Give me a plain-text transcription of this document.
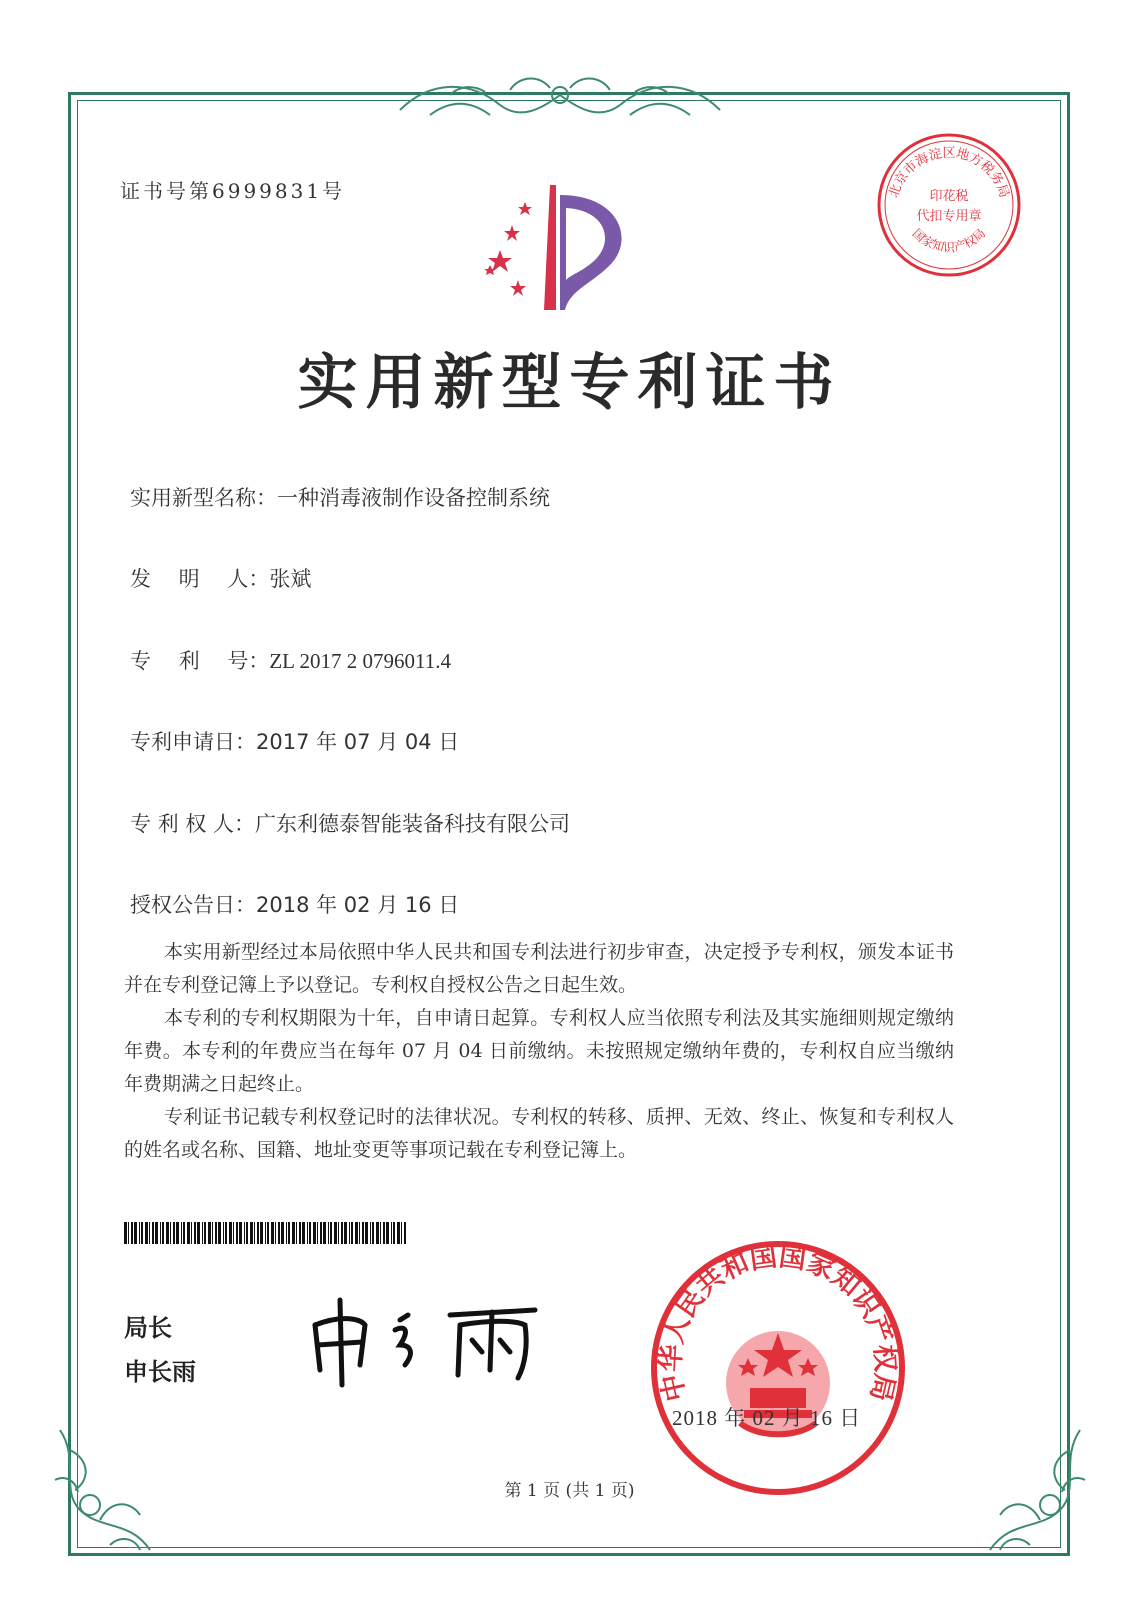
证书号第6999831号	北京市海淀区地方税务局
印花税
代扣专用章
国家知识产权局
实用新型专利证书
实用新型名称：一种消毒液制作设备控制系统
发　 明　 人：张斌
专　 利　 号：ZL 2017 2 0796011.4
专利申请日：2017 年 07 月 04 日
专 利 权 人：广东利德泰智能装备科技有限公司
授权公告日：2018 年 02 月 16 日

本实用新型经过本局依照中华人民共和国专利法进行初步审查，决定授予专利权，颁发本证书并在专利登记簿上予以登记。专利权自授权公告之日起生效。

本专利的专利权期限为十年，自申请日起算。专利权人应当依照专利法及其实施细则规定缴纳年费。本专利的年费应当在每年 07 月 04 日前缴纳。未按照规定缴纳年费的，专利权自应当缴纳年费期满之日起终止。

专利证书记载专利权登记时的法律状况。专利权的转移、质押、无效、终止、恢复和专利权人的姓名或名称、国籍、地址变更等事项记载在专利登记簿上。

局长
申长雨	中华人民共和国国家知识产权局
2018 年 02 月 16 日
第 1 页 (共 1 页)
